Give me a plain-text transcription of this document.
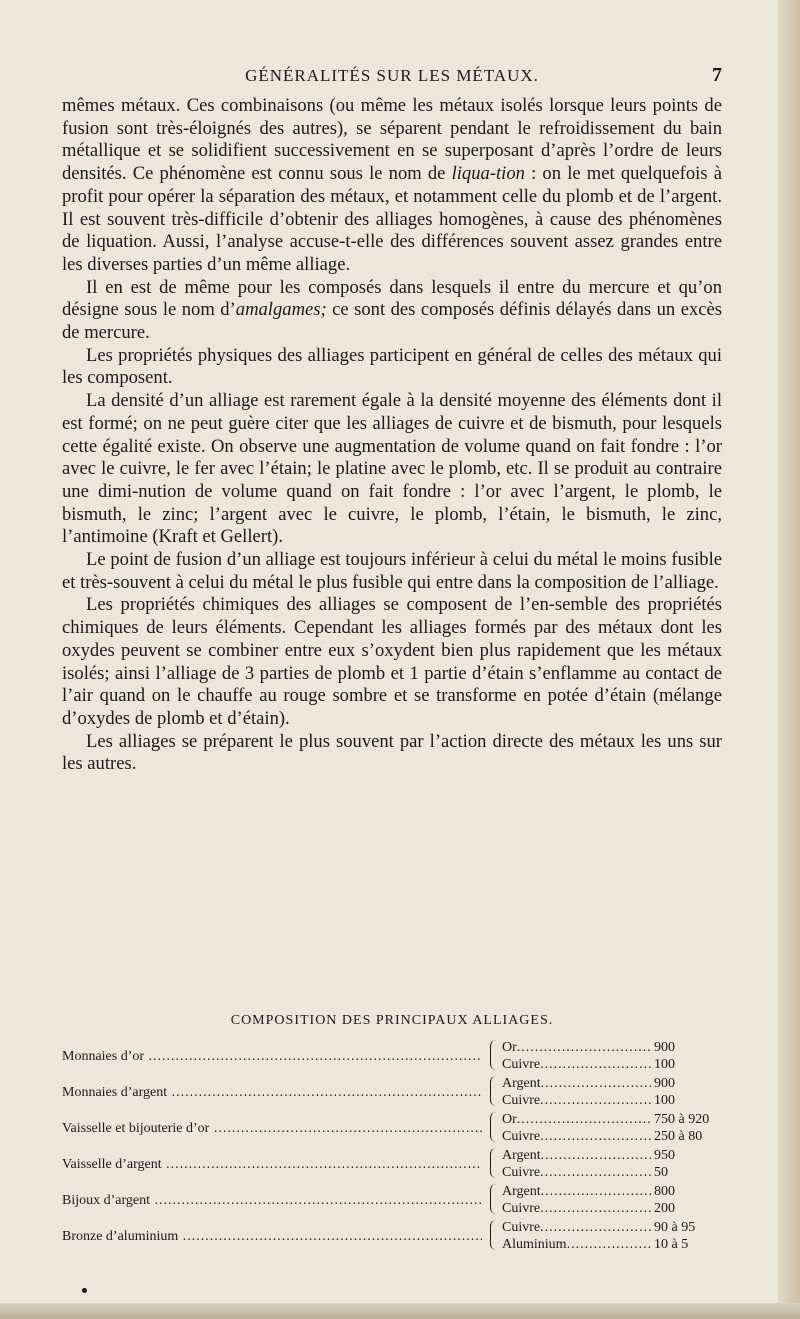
GÉNÉRALITÉS SUR LES MÉTAUX.	7

mêmes métaux. Ces combinaisons (ou même les métaux isolés lorsque leurs points de fusion sont très-éloignés des autres), se séparent pendant le refroidissement du bain métallique et se solidifient successivement en se superposant d’après l’ordre de leurs densités. Ce phénomène est connu sous le nom de liqua-tion : on le met quelquefois à profit pour opérer la séparation des métaux, et notamment celle du plomb et de l’argent. Il est souvent très-difficile d’obtenir des alliages homogènes, à cause des phénomènes de liquation. Aussi, l’analyse accuse-t-elle des différences souvent assez grandes entre les diverses parties d’un même alliage.

Il en est de même pour les composés dans lesquels il entre du mercure et qu’on désigne sous le nom d’amalgames; ce sont des composés définis délayés dans un excès de mercure.

Les propriétés physiques des alliages participent en général de celles des métaux qui les composent.

La densité d’un alliage est rarement égale à la densité moyenne des éléments dont il est formé; on ne peut guère citer que les alliages de cuivre et de bismuth, pour lesquels cette égalité existe. On observe une augmentation de volume quand on fait fondre : l’or avec le cuivre, le fer avec l’étain; le platine avec le plomb, etc. Il se produit au contraire une dimi-nution de volume quand on fait fondre : l’or avec l’argent, le plomb, le bismuth, le zinc; l’argent avec le cuivre, le plomb, l’étain, le bismuth, le zinc, l’antimoine (Kraft et Gellert).

Le point de fusion d’un alliage est toujours inférieur à celui du métal le moins fusible et très-souvent à celui du métal le plus fusible qui entre dans la composition de l’alliage.

Les propriétés chimiques des alliages se composent de l’en-semble des propriétés chimiques de leurs éléments. Cependant les alliages formés par des métaux dont les oxydes peuvent se combiner entre eux s’oxydent bien plus rapidement que les métaux isolés; ainsi l’alliage de 3 parties de plomb et 1 partie d’étain s’enflamme au contact de l’air quand on le chauffe au rouge sombre et se transforme en potée d’étain (mélange d’oxydes de plomb et d’étain).

Les alliages se préparent le plus souvent par l’action directe des métaux les uns sur les autres.

COMPOSITION DES PRINCIPAUX ALLIAGES.
Monnaies d’or .....
Or .....	900
Cuivre .....	100
Monnaies d’argent .....
Argent .....	900
Cuivre .....	100
Vaisselle et bijouterie d’or .....
Or .....	750 à 920
Cuivre .....	250 à 80
Vaisselle d’argent .....
Argent .....	950
Cuivre .....	50
Bijoux d’argent .....
Argent .....	800
Cuivre .....	200
Bronze d’aluminium .....
Cuivre .....	90 à 95
Aluminium .....	10 à 5
